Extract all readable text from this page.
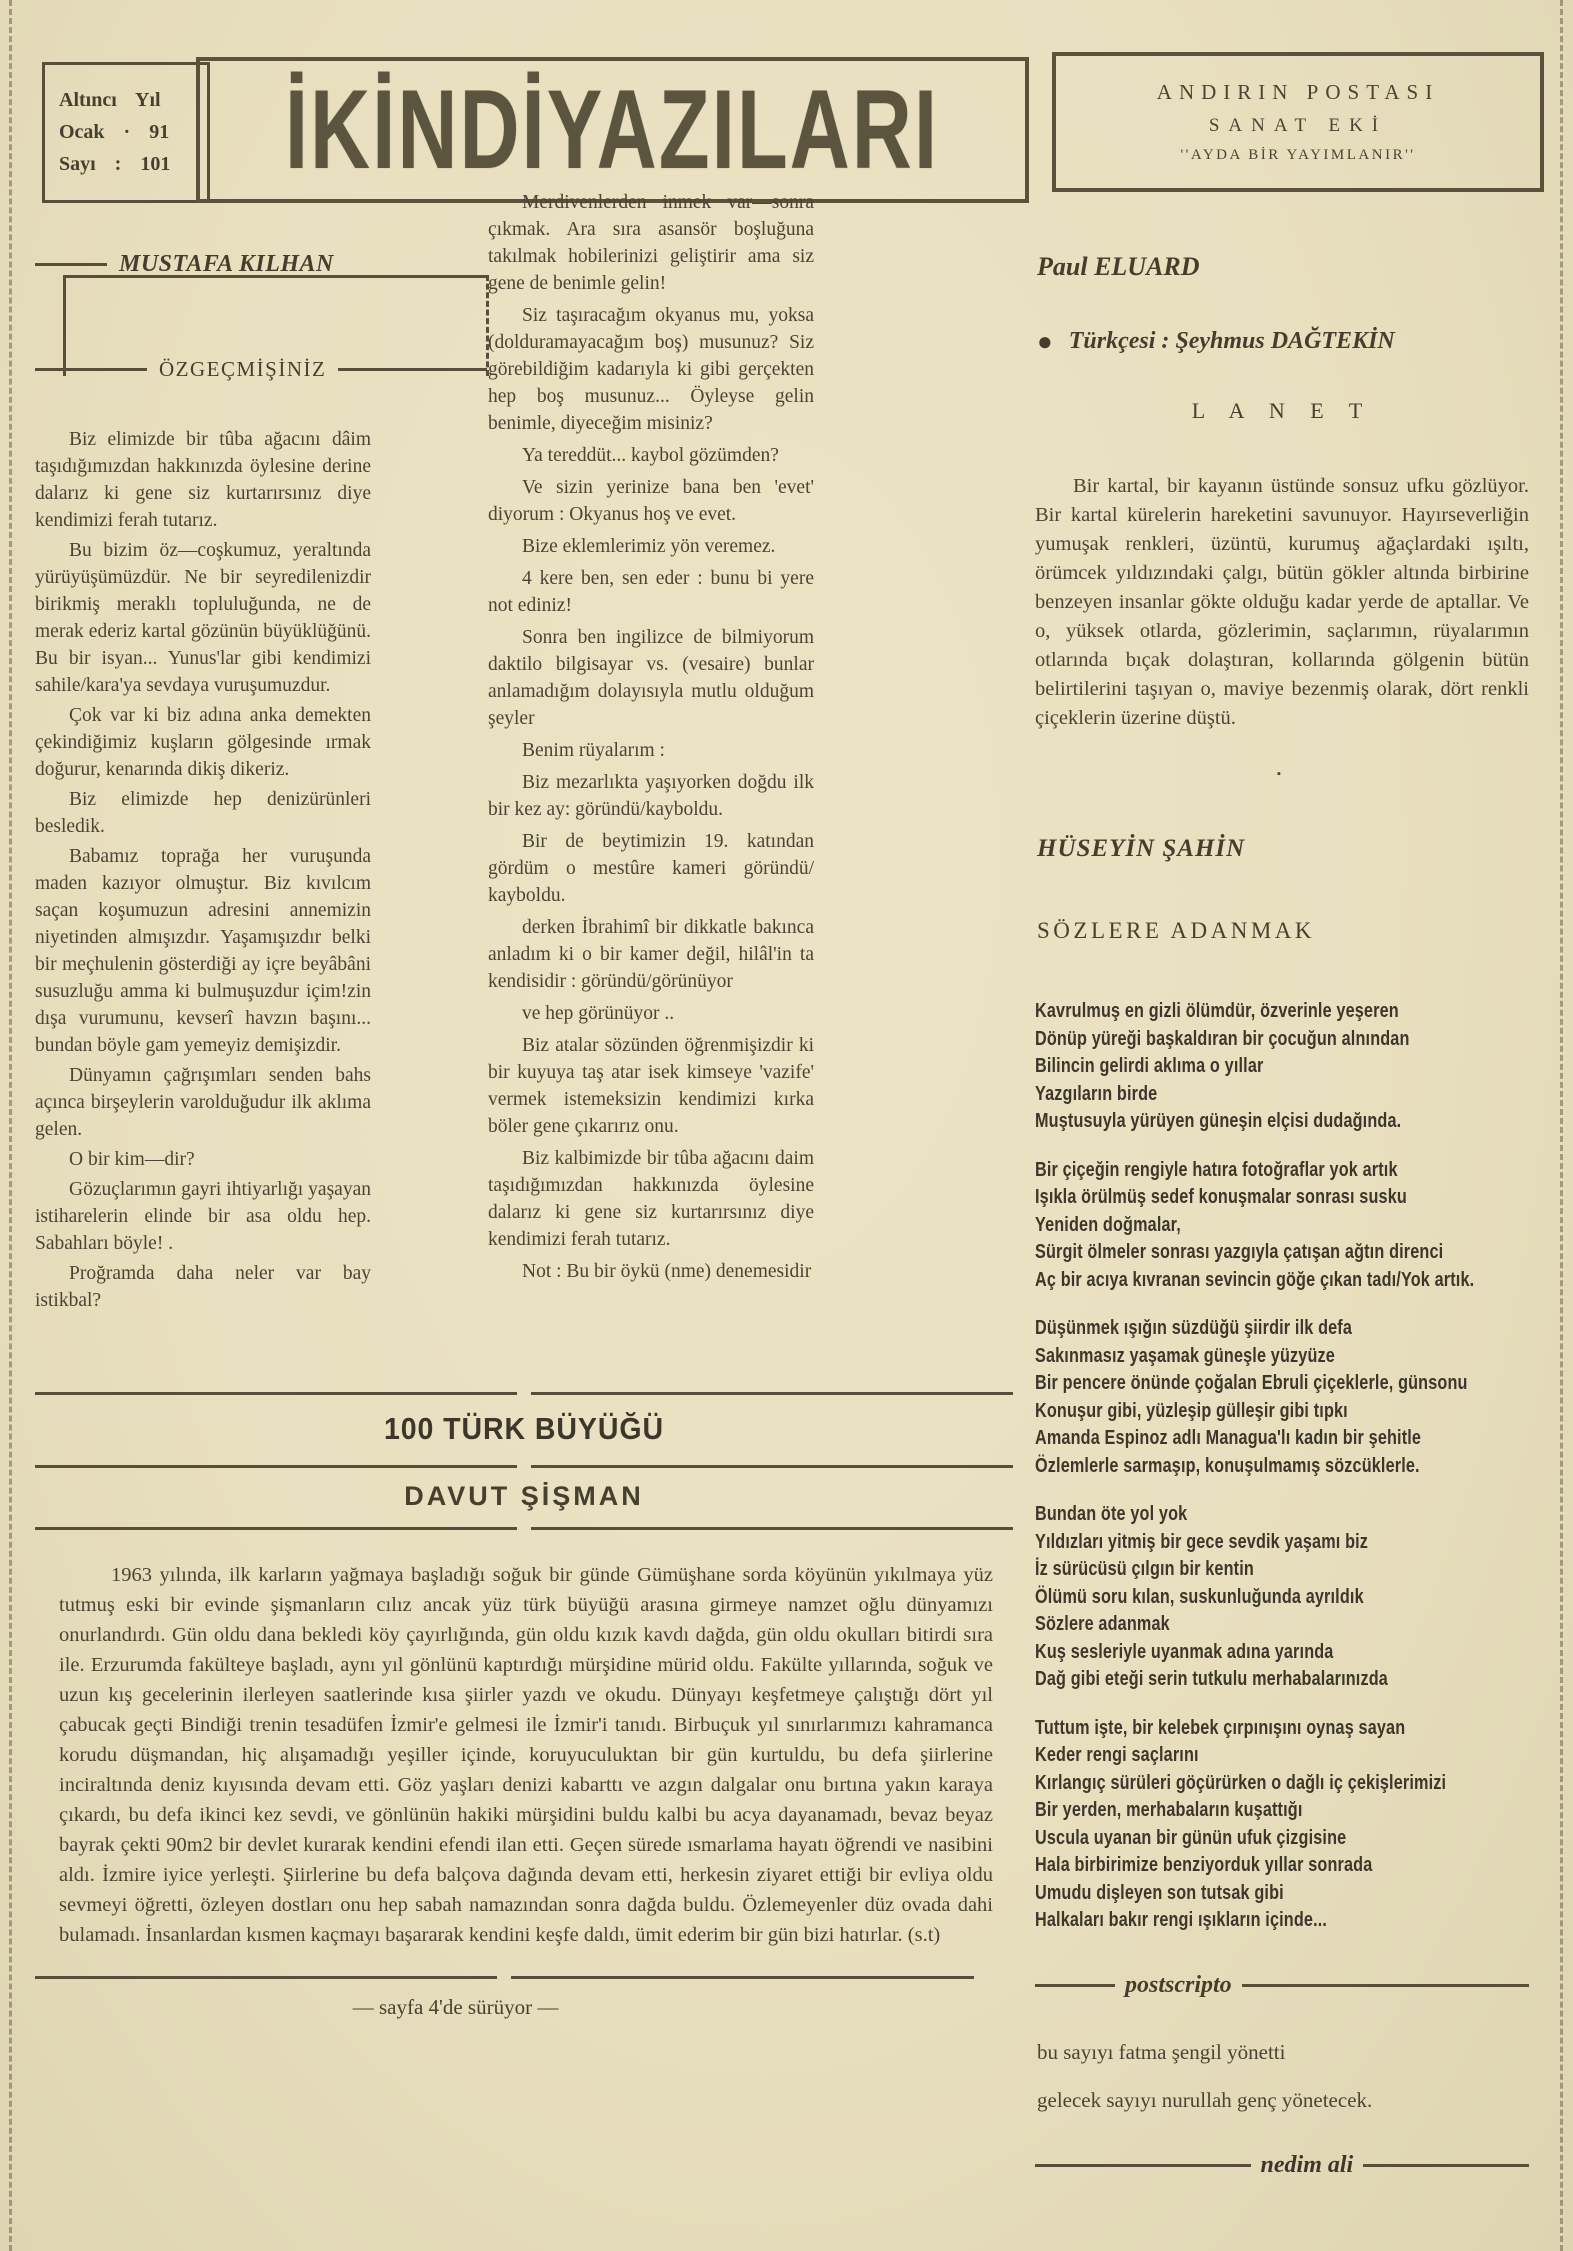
Altıncı Yıl
Ocak · 91
Sayı : 101 İKİNDİYAZILARI	ANDIRIN POSTASI
SANAT EKİ
''AYDA BİR YAYIMLANIR''
MUSTAFA KILHAN
ÖZGEÇMİŞİNİZ

Biz elimizde bir tûba ağacını dâim taşıdığımızdan hakkınızda öylesine derine dalarız ki gene siz kurtarırsınız diye kendimizi ferah tutarız.

Bu bizim öz—coşkumuz, yeraltında yürüyüşümüzdür. Ne bir seyredilenizdir birikmiş meraklı topluluğunda, ne de merak ederiz kartal gözünün büyüklüğünü. Bu bir isyan... Yunus'lar gibi kendimizi sahile/kara'ya sevdaya vuruşumuzdur.

Çok var ki biz adına anka demekten çekindiğimiz kuşların gölgesinde ırmak doğurur, kenarında dikiş dikeriz.

Biz elimizde hep denizürünleri besledik.

Babamız toprağa her vuruşunda maden kazıyor olmuştur. Biz kıvılcım saçan koşumuzun adresini annemizin niyetinden almışızdır. Yaşamışızdır belki bir meçhulenin gösterdiği ay içre beyâbâni susuzluğu amma ki bulmuşuzdur içim!zin dışa vurumunu, kevserî havzın başını... bundan böyle gam yemeyiz demişizdir.

Dünyamın çağrışımları senden bahs açınca birşeylerin varolduğudur ilk aklıma gelen.

O bir kim—dir?

Gözuçlarımın gayri ihtiyarlığı yaşayan istiharelerin elinde bir asa oldu hep. Sabahları böyle! .

Proğramda daha neler var bay istikbal?

Merdivenlerden inmek var—sonra çıkmak. Ara sıra asansör boşluğuna takılmak hobilerinizi geliştirir ama siz gene de benimle gelin!

Siz taşıracağım okyanus mu, yoksa (dolduramayacağım boş) musunuz? Siz görebildiğim kadarıyla ki gibi gerçekten hep boş musunuz... Öyleyse gelin benimle, diyeceğim misiniz?

Ya tereddüt... kaybol gözümden?

Ve sizin yerinize bana ben 'evet' diyorum : Okyanus hoş ve evet.

Bize eklemlerimiz yön veremez.

4 kere ben, sen eder : bunu bi yere not ediniz!

Sonra ben ingilizce de bilmiyorum daktilo bilgisayar vs. (vesaire) bunlar anlamadığım dolayısıyla mutlu olduğum şeyler

Benim rüyalarım :

Biz mezarlıkta yaşıyorken doğdu ilk bir kez ay: göründü/kayboldu.

Bir de beytimizin 19. katından gördüm o mestûre kameri göründü/ kayboldu.

derken İbrahimî bir dikkatle bakınca anladım ki o bir kamer değil, hilâl'in ta kendisidir : göründü/görünüyor

ve hep görünüyor ..

Biz atalar sözünden öğrenmişizdir ki bir kuyuya taş atar isek kimseye 'vazife' vermek istemeksizin kendimizi kırka böler gene çıkarırız onu.

Biz kalbimizde bir tûba ağacını daim taşıdığımızdan hakkınızda öylesine dalarız ki gene siz kurtarırsınız diye kendimizi ferah tutarız.

Not : Bu bir öykü (nme) denemesidir

Paul ELUARD
● Türkçesi : Şeyhmus DAĞTEKİN
L A N E T

Bir kartal, bir kayanın üstünde sonsuz ufku gözlüyor. Bir kartal kürelerin hareketini savunuyor. Hayırseverliğin yumuşak renkleri, üzüntü, kurumuş ağaçlardaki ışıltı, örümcek yıldızındaki çalgı, bütün gökler altında birbirine benzeyen insanlar gökte olduğu kadar yerde de aptallar. Ve o, yüksek otlarda, gözlerimin, saçlarımın, rüyalarımın otlarında bıçak dolaştıran, kollarında gölgenin bütün belirtilerini taşıyan o, maviye bezenmiş olarak, dört renkli çiçeklerin üzerine düştü.

▪
HÜSEYİN ŞAHİN
SÖZLERE ADANMAK
Kavrulmuş en gizli ölümdür, özverinle yeşeren
Dönüp yüreği başkaldıran bir çocuğun alnından
Bilincin gelirdi aklıma o yıllar
Yazgıların birde
Muştusuyla yürüyen güneşin elçisi dudağında.
Bir çiçeğin rengiyle hatıra fotoğraflar yok artık
Işıkla örülmüş sedef konuşmalar sonrası susku
Yeniden doğmalar,
Sürgit ölmeler sonrası yazgıyla çatışan ağtın direnci
Aç bir acıya kıvranan sevincin göğe çıkan tadı/Yok artık.
Düşünmek ışığın süzdüğü şiirdir ilk defa
Sakınmasız yaşamak güneşle yüzyüze
Bir pencere önünde çoğalan Ebruli çiçeklerle, günsonu
Konuşur gibi, yüzleşip gülleşir gibi tıpkı
Amanda Espinoz adlı Managua'lı kadın bir şehitle
Özlemlerle sarmaşıp, konuşulmamış sözcüklerle.
Bundan öte yol yok
Yıldızları yitmiş bir gece sevdik yaşamı biz
İz sürücüsü çılgın bir kentin
Ölümü soru kılan, suskunluğunda ayrıldık
Sözlere adanmak
Kuş sesleriyle uyanmak adına yarında
Dağ gibi eteği serin tutkulu merhabalarınızda
Tuttum işte, bir kelebek çırpınışını oynaş sayan
Keder rengi saçlarını
Kırlangıç sürüleri göçürürken o dağlı iç çekişlerimizi
Bir yerden, merhabaların kuşattığı
Uscula uyanan bir günün ufuk çizgisine
Hala birbirimize benziyorduk yıllar sonrada
Umudu dişleyen son tutsak gibi
Halkaları bakır rengi ışıkların içinde...
postscripto
bu sayıyı fatma şengil yönetti
gelecek sayıyı nurullah genç yönetecek.
nedim ali
100 TÜRK BÜYÜĞÜ
DAVUT ŞİŞMAN
1963 yılında, ilk karların yağmaya başladığı soğuk bir günde Gümüşhane sorda köyünün yıkılmaya yüz tutmuş eski bir evinde şişmanların cılız ancak yüz türk büyüğü arasına girmeye namzet oğlu dünyamızı onurlandırdı. Gün oldu dana bekledi köy çayırlığında, gün oldu kızık kavdı dağda, gün oldu okulları bitirdi sıra ile. Erzurumda fakülteye başladı, aynı yıl gönlünü kaptırdığı mürşidine mürid oldu. Fakülte yıllarında, soğuk ve uzun kış gecelerinin ilerleyen saatlerinde kısa şiirler yazdı ve okudu. Dünyayı keşfetmeye çalıştığı dört yıl çabucak geçti Bindiği trenin tesadüfen İzmir'e gelmesi ile İzmir'i tanıdı. Birbuçuk yıl sınırlarımızı kahramanca korudu düşmandan, hiç alışamadığı yeşiller içinde, koruyuculuktan bir gün kurtuldu, bu defa şiirlerine inciraltında deniz kıyısında devam etti. Göz yaşları denizi kabarttı ve azgın dalgalar onu bırtına yakın karaya çıkardı, bu defa ikinci kez sevdi, ve gönlünün hakiki mürşidini buldu kalbi bu acya dayanamadı, bevaz beyaz bayrak çekti 90m2 bir devlet kurarak kendini efendi ilan etti. Geçen sürede ısmarlama hayatı öğrendi ve nasibini aldı. İzmire iyice yerleşti. Şiirlerine bu defa balçova dağında devam etti, herkesin ziyaret ettiği bir evliya oldu sevmeyi öğretti, özleyen dostları onu hep sabah namazından sonra dağda buldu. Özlemeyenler düz ovada dahi bulamadı. İnsanlardan kısmen kaçmayı başararak kendini keşfe daldı, ümit ederim bir gün bizi hatırlar. (s.t)
— sayfa 4'de sürüyor —
